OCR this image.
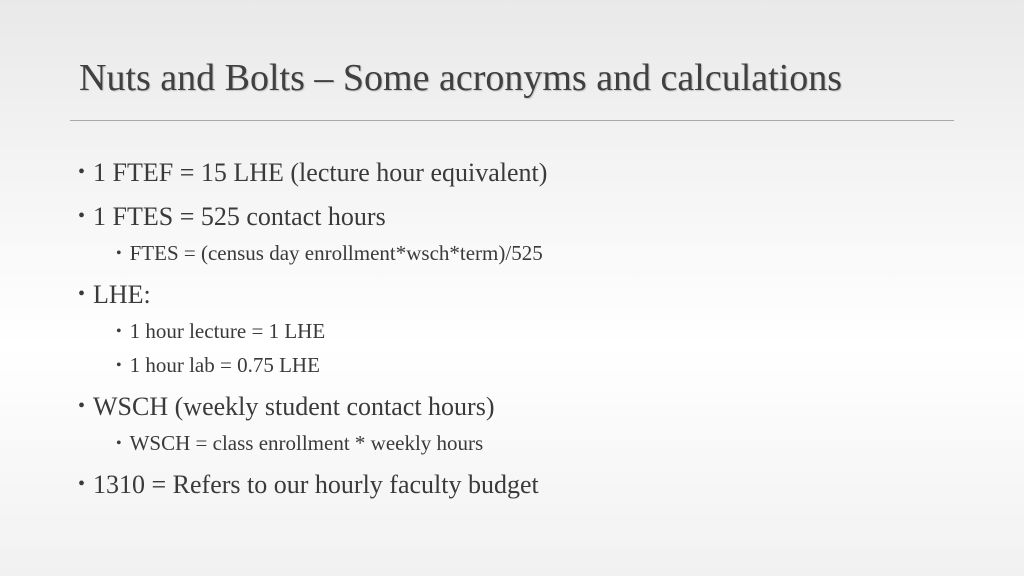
Nuts and Bolts – Some acronyms and calculations
• 1 FTEF = 15 LHE (lecture hour equivalent)
• 1 FTES = 525 contact hours
• FTES = (census day enrollment*wsch*term)/525
• LHE:
• 1 hour lecture = 1 LHE
• 1 hour lab = 0.75 LHE
• WSCH (weekly student contact hours)
• WSCH = class enrollment * weekly hours
• 1310 = Refers to our hourly faculty budget
